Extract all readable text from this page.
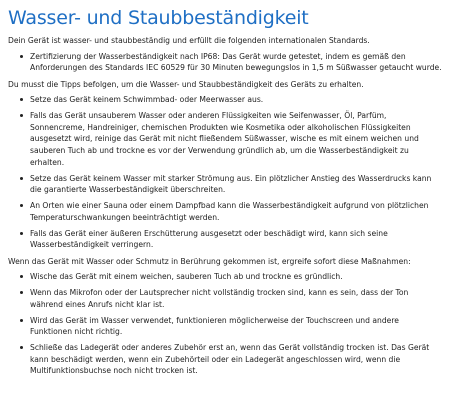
Wasser- und Staubbeständigkeit

Dein Gerät ist wasser- und staubbeständig und erfüllt die folgenden internationalen Standards.

Zertifizierung der Wasserbeständigkeit nach IP68: Das Gerät wurde getestet, indem es gemäß den Anforderungen des Standards IEC 60529 für 30 Minuten bewegungslos in 1,5 m Süßwasser getaucht wurde.

Du musst die Tipps befolgen, um die Wasser- und Staubbeständigkeit des Geräts zu erhalten.

Setze das Gerät keinem Schwimmbad- oder Meerwasser aus.
Falls das Gerät unsauberem Wasser oder anderen Flüssigkeiten wie Seifenwasser, Öl, Parfüm, Sonnencreme, Handreiniger, chemischen Produkten wie Kosmetika oder alkoholischen Flüssigkeiten ausgesetzt wird, reinige das Gerät mit nicht fließendem Süßwasser, wische es mit einem weichen und sauberen Tuch ab und trockne es vor der Verwendung gründlich ab, um die Wasserbeständigkeit zu erhalten.
Setze das Gerät keinem Wasser mit starker Strömung aus. Ein plötzlicher Anstieg des Wasserdrucks kann die garantierte Wasserbeständigkeit überschreiten.
An Orten wie einer Sauna oder einem Dampfbad kann die Wasserbeständigkeit aufgrund von plötzlichen Temperaturschwankungen beeinträchtigt werden.
Falls das Gerät einer äußeren Erschütterung ausgesetzt oder beschädigt wird, kann sich seine Wasserbeständigkeit verringern.

Wenn das Gerät mit Wasser oder Schmutz in Berührung gekommen ist, ergreife sofort diese Maßnahmen:

Wische das Gerät mit einem weichen, sauberen Tuch ab und trockne es gründlich.
Wenn das Mikrofon oder der Lautsprecher nicht vollständig trocken sind, kann es sein, dass der Ton während eines Anrufs nicht klar ist.
Wird das Gerät im Wasser verwendet, funktionieren möglicherweise der Touchscreen und andere Funktionen nicht richtig.
Schließe das Ladegerät oder anderes Zubehör erst an, wenn das Gerät vollständig trocken ist. Das Gerät kann beschädigt werden, wenn ein Zubehörteil oder ein Ladegerät angeschlossen wird, wenn die Multifunktionsbuchse noch nicht trocken ist.
